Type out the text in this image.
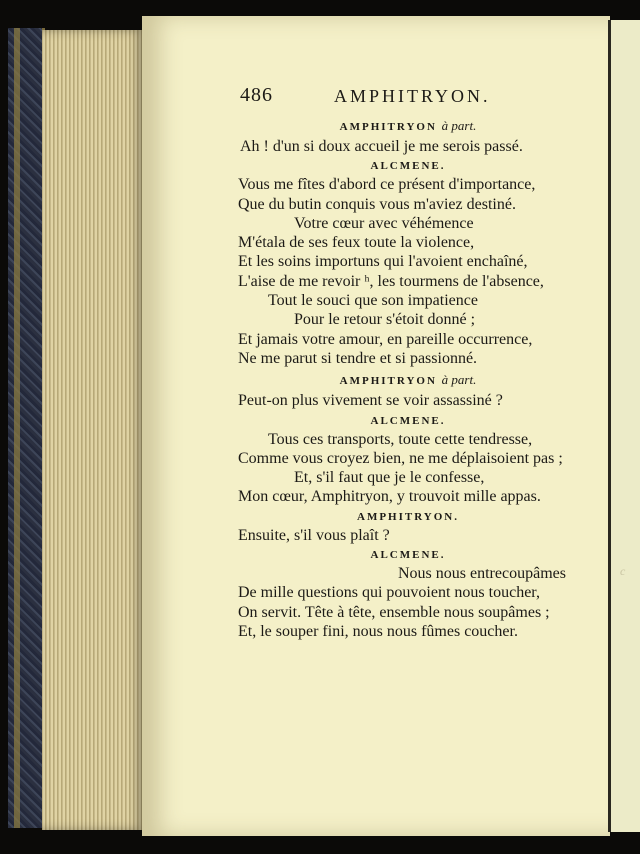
c
486	AMPHITRYON.
AMPHITRYON à part.
Ah ! d'un si doux accueil je me serois passé.
ALCMENE.
Vous me fîtes d'abord ce présent d'importance,
Que du butin conquis vous m'aviez destiné.
Votre cœur avec véhémence
M'étala de ses feux toute la violence,
Et les soins importuns qui l'avoient enchaîné,
L'aise de me revoir ʰ, les tourmens de l'absence,
Tout le souci que son impatience
Pour le retour s'étoit donné ;
Et jamais votre amour, en pareille occurrence,
Ne me parut si tendre et si passionné.
AMPHITRYON à part.
Peut-on plus vivement se voir assassiné ?
ALCMENE.
Tous ces transports, toute cette tendresse,
Comme vous croyez bien, ne me déplaisoient pas ;
Et, s'il faut que je le confesse,
Mon cœur, Amphitryon, y trouvoit mille appas.
AMPHITRYON.
Ensuite, s'il vous plaît ?
ALCMENE.
Nous nous entrecoupâmes
De mille questions qui pouvoient nous toucher,
On servit. Tête à tête, ensemble nous soupâmes ;
Et, le souper fini, nous nous fûmes coucher.
